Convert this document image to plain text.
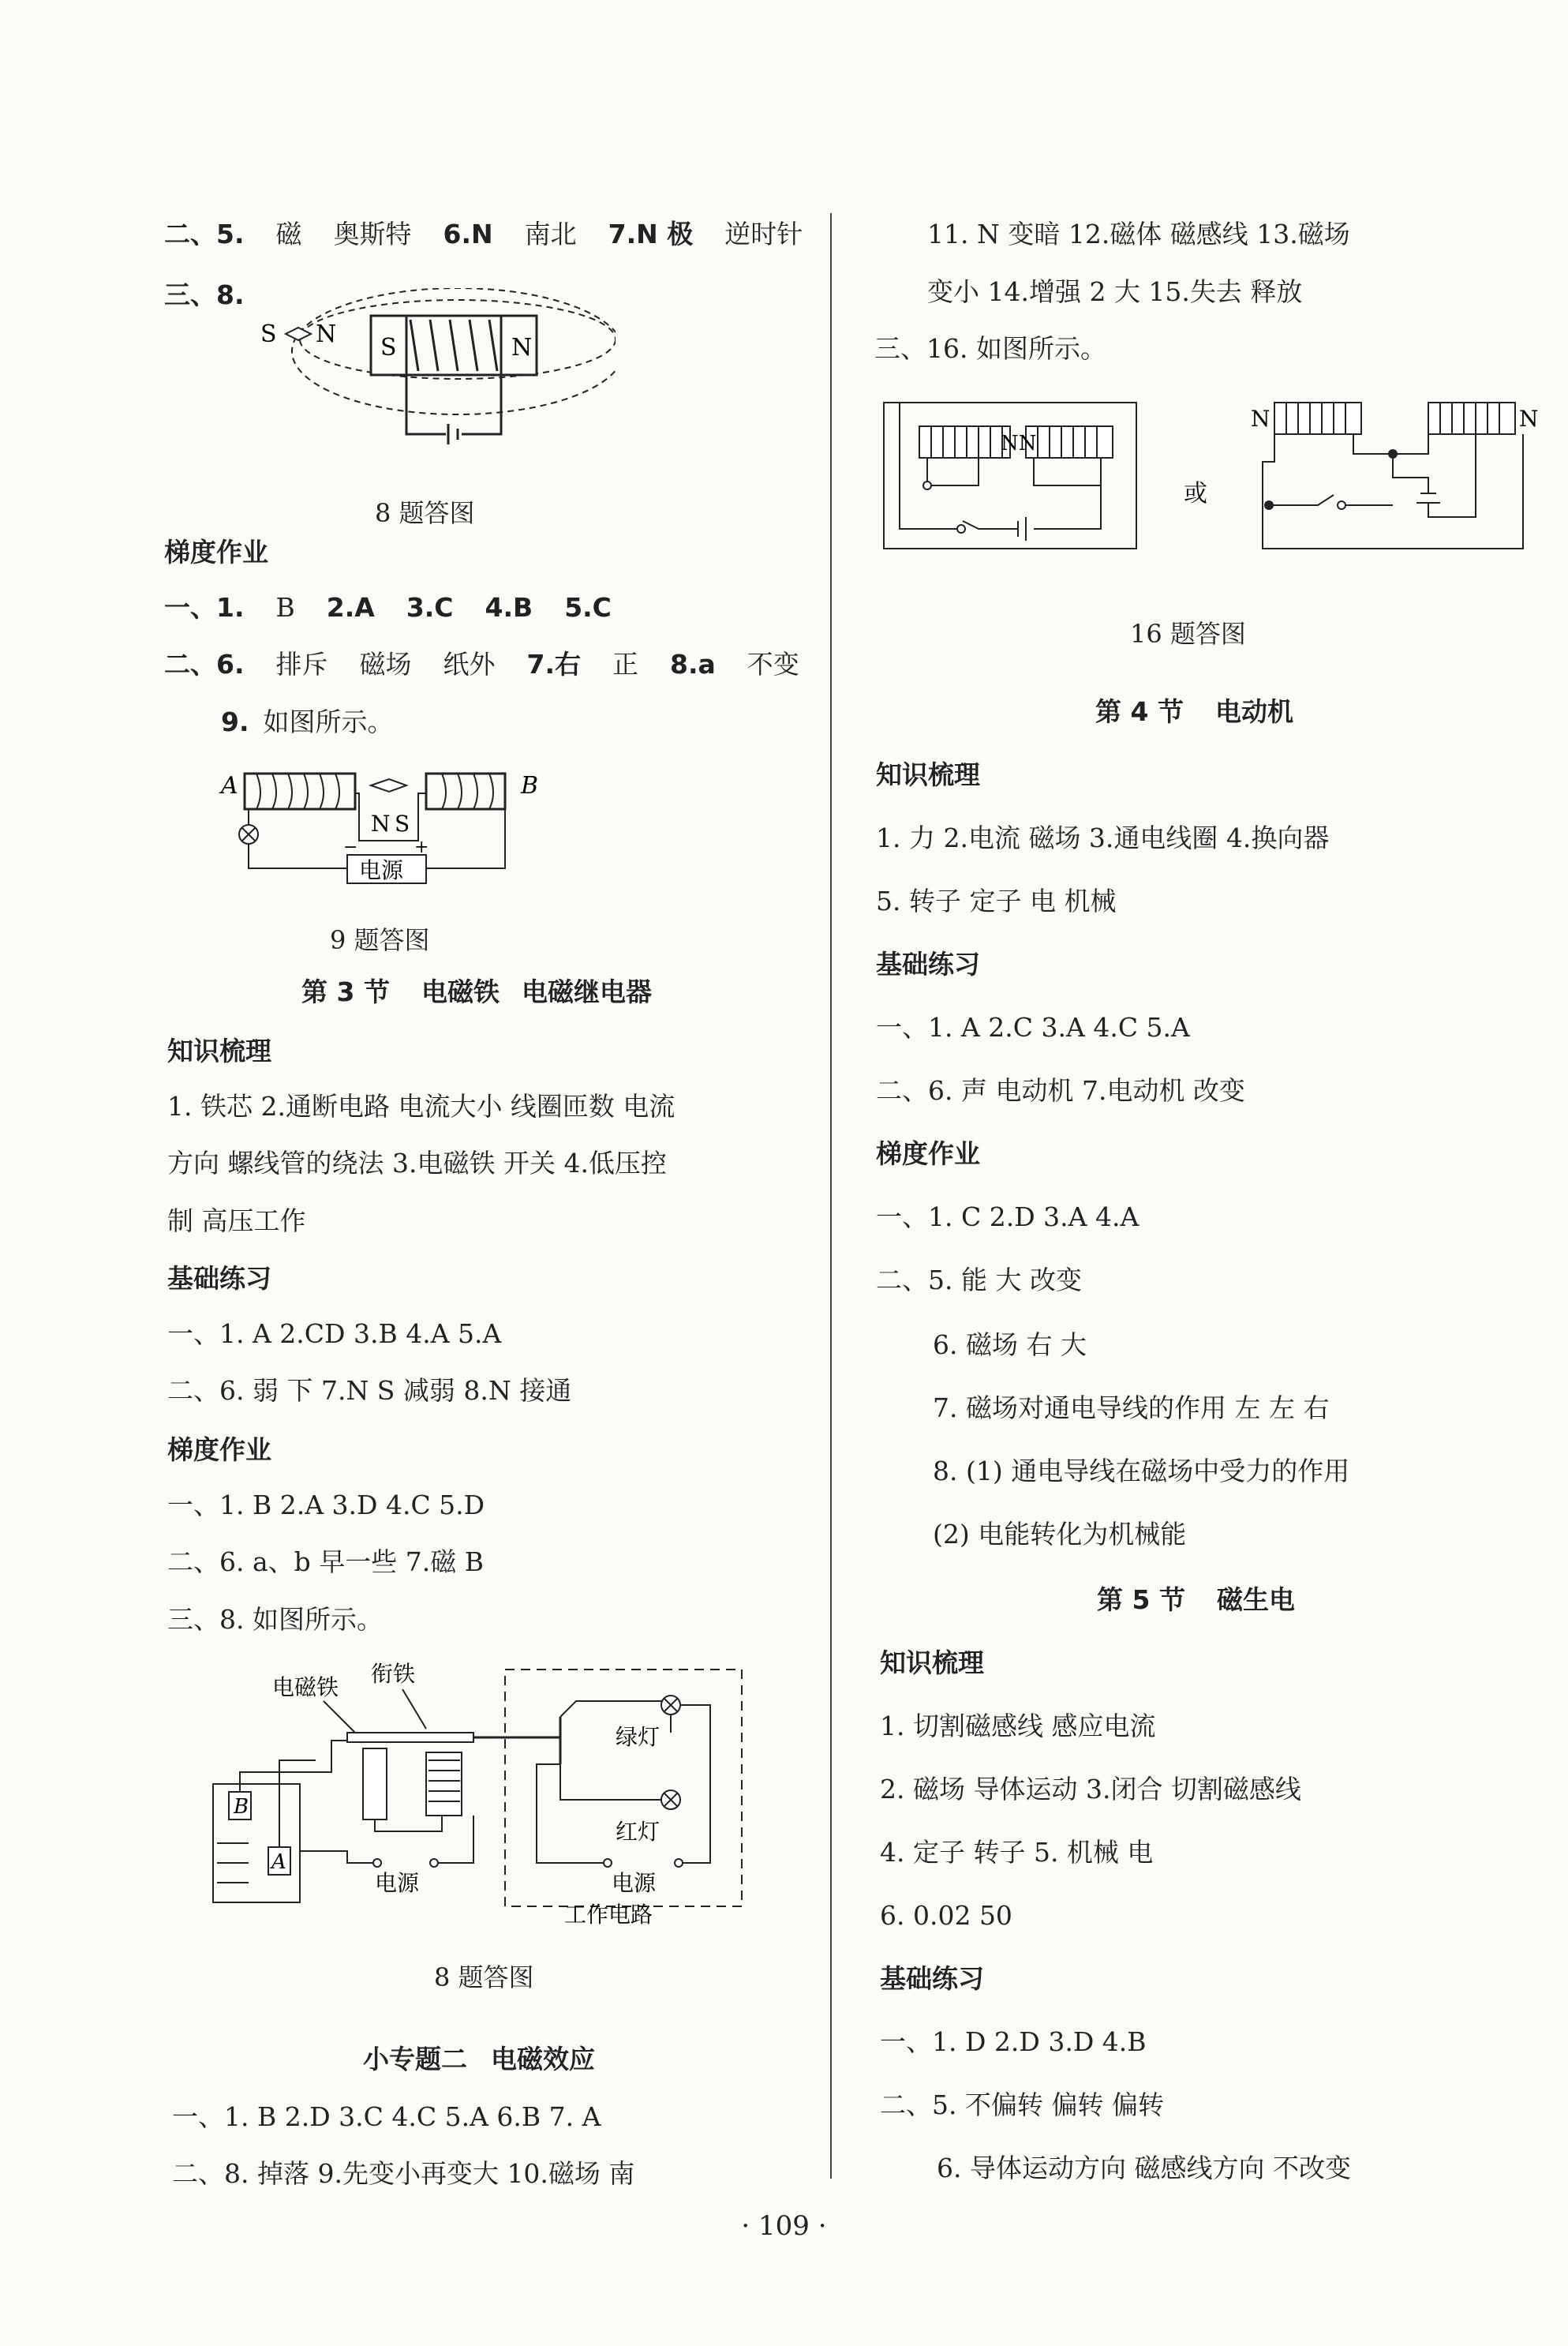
二、5. 磁 奥斯特 6.N 南北 7.N 极 逆时针
三、8.
S N S	N
8 题答图
梯度作业
一、1. B 2.A 3.C 4.B 5.C
二、6. 排斥 磁场 纸外 7.右 正 8.a 不变
9. 如图所示。
A	B
N S
电源
−	+
9 题答图
第 3 节 电磁铁 电磁继电器
知识梳理
1. 铁芯 2.通断电路 电流大小 线圈匝数 电流
方向 螺线管的绕法 3.电磁铁 开关 4.低压控
制 高压工作
基础练习
一、1. A 2.CD 3.B 4.A 5.A
二、6. 弱 下 7.N S 减弱 8.N 接通
梯度作业
一、1. B 2.A 3.D 4.C 5.D
二、6. a、b 早一些 7.磁 B
三、8. 如图所示。
电磁铁
衔铁
绿灯
红灯
电源
工作电路
B
A
电源
8 题答图
小专题二 电磁效应
一、1. B 2.D 3.C 4.C 5.A 6.B 7. A
二、8. 掉落 9.先变小再变大 10.磁场 南
11. N 变暗 12.磁体 磁感线 13.磁场
变小 14.增强 2 大 15.失去 释放
三、16. 如图所示。
NN
或
N	N
16 题答图
第 4 节 电动机
知识梳理
1. 力 2.电流 磁场 3.通电线圈 4.换向器
5. 转子 定子 电 机械
基础练习
一、1. A 2.C 3.A 4.C 5.A
二、6. 声 电动机 7.电动机 改变
梯度作业
一、1. C 2.D 3.A 4.A
二、5. 能 大 改变
6. 磁场 右 大
7. 磁场对通电导线的作用 左 左 右
8. (1) 通电导线在磁场中受力的作用
(2) 电能转化为机械能
第 5 节 磁生电
知识梳理
1. 切割磁感线 感应电流
2. 磁场 导体运动 3.闭合 切割磁感线
4. 定子 转子 5. 机械 电
6. 0.02 50
基础练习
一、1. D 2.D 3.D 4.B
二、5. 不偏转 偏转 偏转
6. 导体运动方向 磁感线方向 不改变
· 109 ·
